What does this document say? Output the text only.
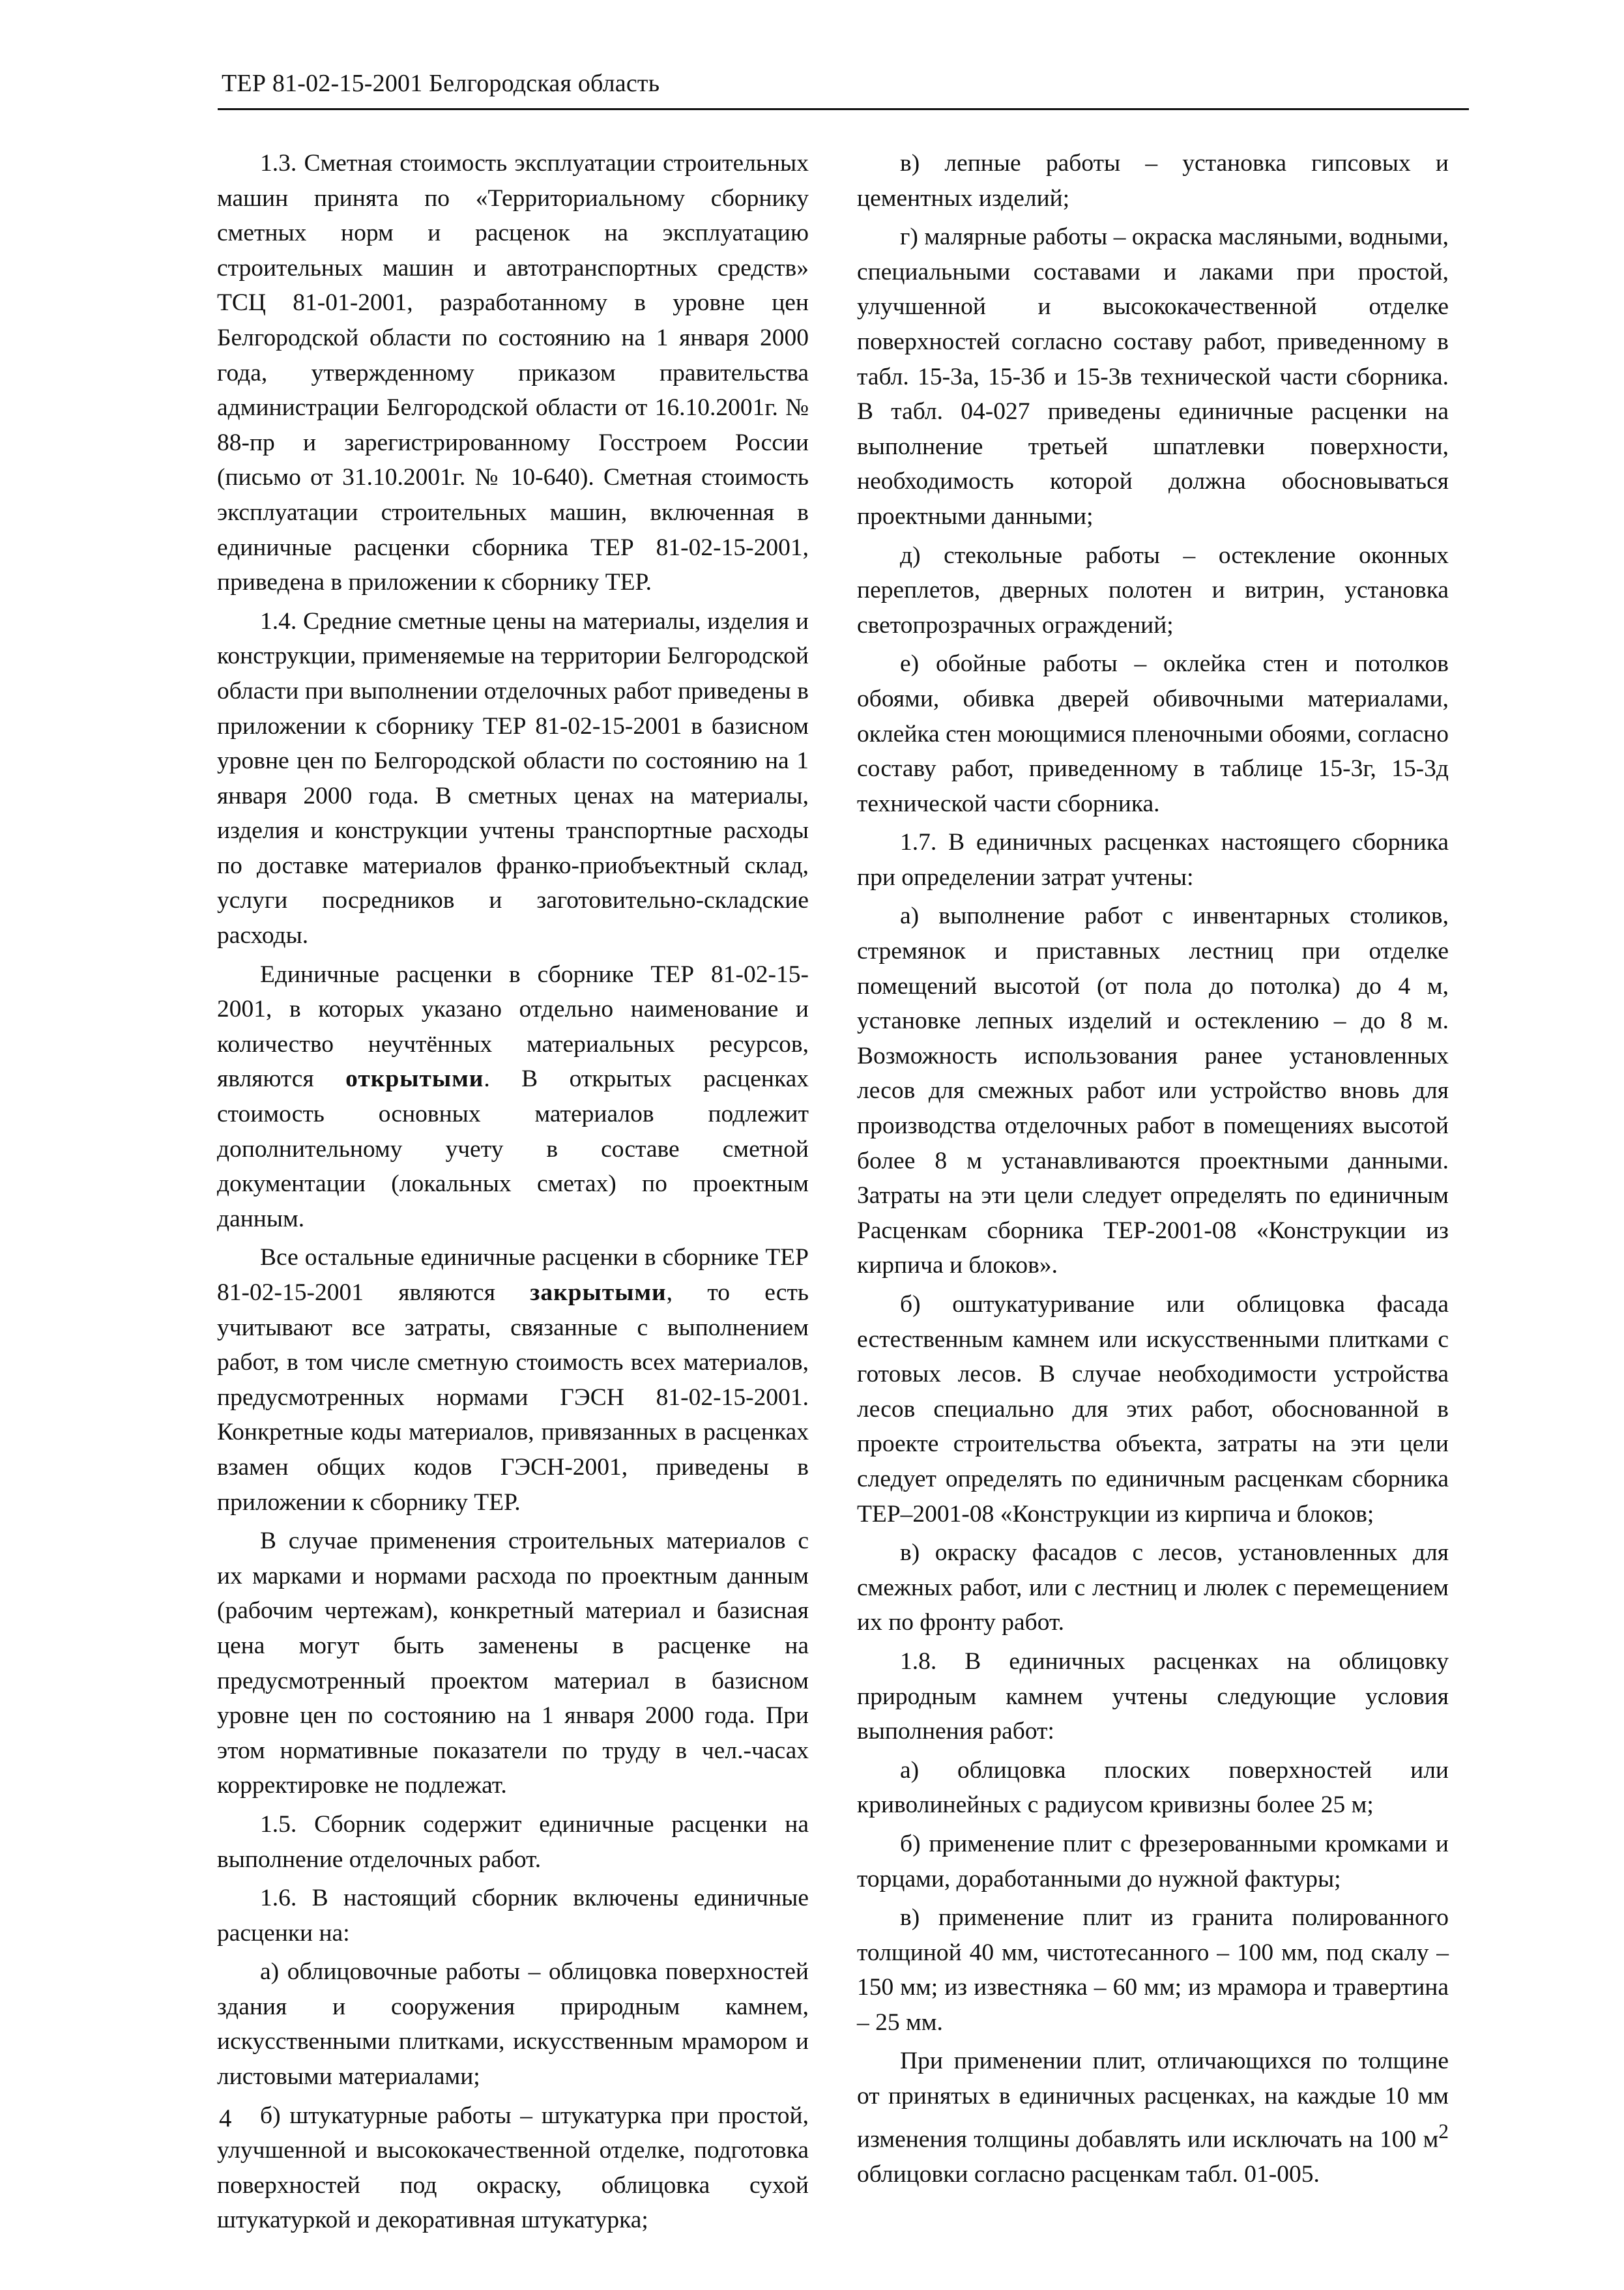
ТЕР 81-02-15-2001 Белгородская область

1.3. Сметная стоимость эксплуатации строительных машин принята по «Территориальному сборнику сметных норм и расценок на эксплуатацию строительных машин и автотранспортных средств» ТСЦ 81-01-2001, разработанному в уровне цен Белгородской области по состоянию на 1 января 2000 года, утвержденному приказом правительства администрации Белгородской области от 16.10.2001г. № 88-пр и зарегистрированному Госстроем России (письмо от 31.10.2001г. № 10-640). Сметная стоимость эксплуатации строительных машин, включенная в единичные расценки сборника ТЕР 81-02-15-2001, приведена в приложении к сборнику ТЕР.

1.4. Средние сметные цены на материалы, изделия и конструкции, применяемые на территории Белгородской области при выполнении отделочных работ приведены в приложении к сборнику ТЕР 81-02-15-2001 в базисном уровне цен по Белгородской области по состоянию на 1 января 2000 года. В сметных ценах на материалы, изделия и конструкции учтены транспортные расходы по доставке материалов франко-приобъектный склад, услуги посредников и заготовительно-складские расходы.

Единичные расценки в сборнике ТЕР 81-02-15-2001, в которых указано отдельно наименование и количество неучтённых материальных ресурсов, являются открытыми. В открытых расценках стоимость основных материалов подлежит дополнительному учету в составе сметной документации (локальных сметах) по проектным данным.

Все остальные единичные расценки в сборнике ТЕР 81-02-15-2001 являются закрытыми, то есть учитывают все затраты, связанные с выполнением работ, в том числе сметную стоимость всех материалов, предусмотренных нормами ГЭСН 81-02-15-2001. Конкретные коды материалов, привязанных в расценках взамен общих кодов ГЭСН-2001, приведены в приложении к сборнику ТЕР.

В случае применения строительных материалов с их марками и нормами расхода по проектным данным (рабочим чертежам), конкретный материал и базисная цена могут быть заменены в расценке на предусмотренный проектом материал в базисном уровне цен по состоянию на 1 января 2000 года. При этом нормативные показатели по труду в чел.-часах корректировке не подлежат.

1.5. Сборник содержит единичные расценки на выполнение отделочных работ.

1.6. В настоящий сборник включены единичные расценки на:

а) облицовочные работы – облицовка поверхностей здания и сооружения природным камнем, искусственными плитками, искусственным мрамором и листовыми материалами;

б) штукатурные работы – штукатурка при простой, улучшенной и высококачественной отделке, подготовка поверхностей под окраску, облицовка сухой штукатуркой и декоративная штукатурка;

в) лепные работы – установка гипсовых и цементных изделий;

г) малярные работы – окраска масляными, водными, специальными составами и лаками при простой, улучшенной и высококачественной отделке поверхностей согласно составу работ, приведенному в табл. 15-3а, 15-3б и 15-3в технической части сборника. В табл. 04-027 приведены единичные расценки на выполнение третьей шпатлевки поверхности, необходимость которой должна обосновываться проектными данными;

д) стекольные работы – остекление оконных переплетов, дверных полотен и витрин, установка светопрозрачных ограждений;

е) обойные работы – оклейка стен и потолков обоями, обивка дверей обивочными материалами, оклейка стен моющимися пленочными обоями, согласно составу работ, приведенному в таблице 15-3г, 15-3д технической части сборника.

1.7. В единичных расценках настоящего сборника при определении затрат учтены:

а) выполнение работ с инвентарных столиков, стремянок и приставных лестниц при отделке помещений высотой (от пола до потолка) до 4 м, установке лепных изделий и остеклению – до 8 м. Возможность использования ранее установленных лесов для смежных работ или устройство вновь для производства отделочных работ в помещениях высотой более 8 м устанавливаются проектными данными. Затраты на эти цели следует определять по единичным Расценкам сборника ТЕР-2001-08 «Конструкции из кирпича и блоков».

б) оштукатуривание или облицовка фасада естественным камнем или искусственными плитками с готовых лесов. В случае необходимости устройства лесов специально для этих работ, обоснованной в проекте строительства объекта, затраты на эти цели следует определять по единичным расценкам сборника ТЕР–2001-08 «Конструкции из кирпича и блоков;

в) окраску фасадов с лесов, установленных для смежных работ, или с лестниц и люлек с перемещением их по фронту работ.

1.8. В единичных расценках на облицовку природным камнем учтены следующие условия выполнения работ:

а) облицовка плоских поверхностей или криволинейных с радиусом кривизны более 25 м;

б) применение плит с фрезерованными кромками и торцами, доработанными до нужной фактуры;

в) применение плит из гранита полированного толщиной 40 мм, чистотесанного – 100 мм, под скалу – 150 мм; из известняка – 60 мм; из мрамора и травертина – 25 мм.

При применении плит, отличающихся по толщине от принятых в единичных расценках, на каждые 10 мм изменения толщины добавлять или исключать на 100 $м^2$ облицовки согласно расценкам табл. 01-005.

4
